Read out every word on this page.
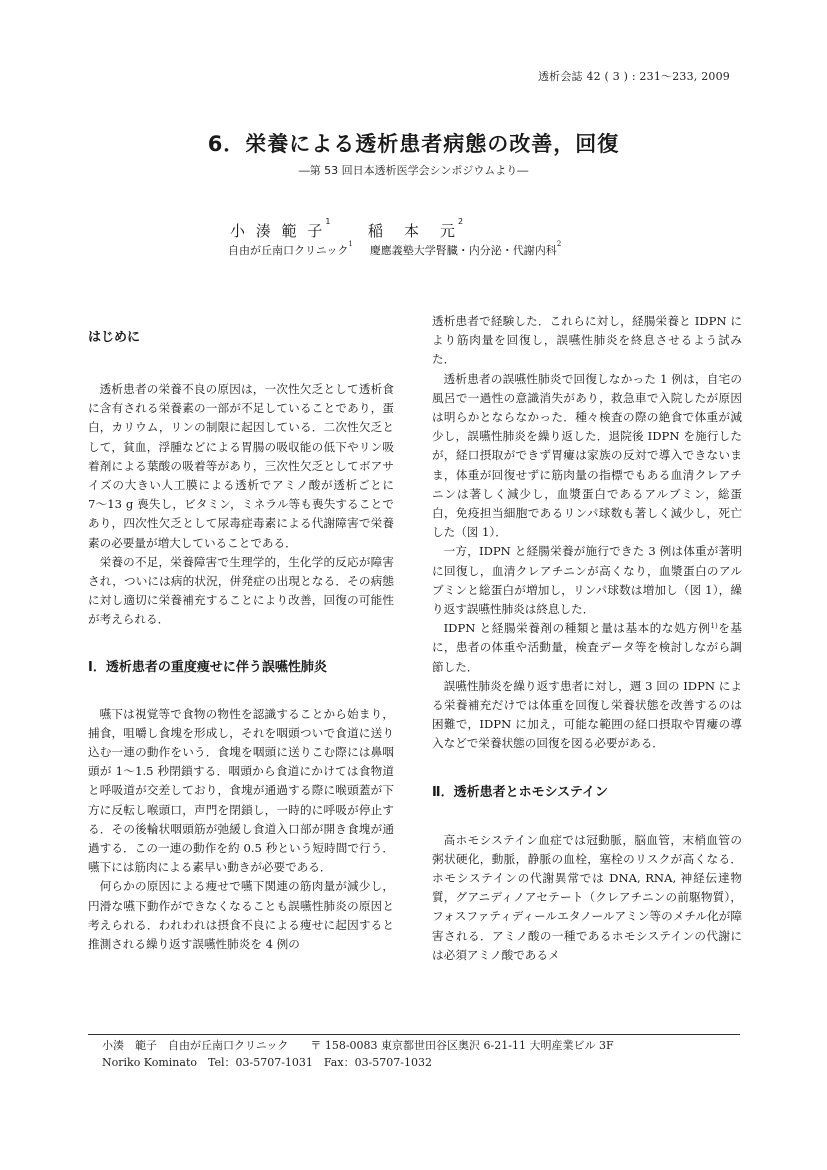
透析会誌 42 ( 3 ) : 231〜233, 2009
6．栄養による透析患者病態の改善，回復
―第 53 回日本透析医学会シンポジウムより―
小 湊 範 子$^1$  稲　本　元$^2$
自由が丘南口クリニック$^1$ 慶應義塾大学腎臓・内分泌・代謝内科$^2$
はじめに

透析患者の栄養不良の原因は，一次性欠乏として透析食に含有される栄養素の一部が不足していることであり，蛋白，カリウム，リンの制限に起因している．二次性欠乏として，貧血，浮腫などによる胃腸の吸収能の低下やリン吸着剤による葉酸の吸着等があり，三次性欠乏としてボアサイズの大きい人工膜による透析でアミノ酸が透析ごとに 7〜13 g 喪失し，ビタミン，ミネラル等も喪失することであり，四次性欠乏として尿毒症毒素による代謝障害で栄養素の必要量が増大していることである．

栄養の不足，栄養障害で生理学的，生化学的反応が障害され，ついには病的状況，併発症の出現となる．その病態に対し適切に栄養補充することにより改善，回復の可能性が考えられる．

Ⅰ．透析患者の重度痩せに伴う誤嚥性肺炎

嚥下は視覚等で食物の物性を認識することから始まり，捕食，咀嚼し食塊を形成し，それを咽頭ついで食道に送り込む一連の動作をいう．食塊を咽頭に送りこむ際には鼻咽頭が 1〜1.5 秒閉鎖する．咽頭から食道にかけては食物道と呼吸道が交差しており，食塊が通過する際に喉頭蓋が下方に反転し喉頭口，声門を閉鎖し，一時的に呼吸が停止する．その後輪状咽頭筋が弛緩し食道入口部が開き食塊が通過する．この一連の動作を約 0.5 秒という短時間で行う．嚥下には筋肉による素早い動きが必要である．

何らかの原因による痩せで嚥下関連の筋肉量が減少し，円滑な嚥下動作ができなくなることも誤嚥性肺炎の原因と考えられる．われわれは摂食不良による痩せに起因すると推測される繰り返す誤嚥性肺炎を 4 例の

透析患者で経験した．これらに対し，経腸栄養と IDPN により筋肉量を回復し，誤嚥性肺炎を終息させるよう試みた．

透析患者の誤嚥性肺炎で回復しなかった 1 例は，自宅の風呂で一過性の意識消失があり，救急車で入院したが原因は明らかとならなかった．種々検査の際の絶食で体重が減少し，誤嚥性肺炎を繰り返した．退院後 IDPN を施行したが，経口摂取ができず胃瘻は家族の反対で導入できないまま，体重が回復せずに筋肉量の指標でもある血清クレアチニンは著しく減少し，血漿蛋白であるアルブミン，総蛋白，免疫担当細胞であるリンパ球数も著しく減少し，死亡した（図 1）．

一方，IDPN と経腸栄養が施行できた 3 例は体重が著明に回復し，血清クレアチニンが高くなり，血漿蛋白のアルブミンと総蛋白が増加し，リンパ球数は増加し（図 1），繰り返す誤嚥性肺炎は終息した．

IDPN と経腸栄養剤の種類と量は基本的な処方例$^{1)}$を基に，患者の体重や活動量，検査データ等を検討しながら調節した．

誤嚥性肺炎を繰り返す患者に対し，週 3 回の IDPN による栄養補充だけでは体重を回復し栄養状態を改善するのは困難で，IDPN に加え，可能な範囲の経口摂取や胃瘻の導入などで栄養状態の回復を図る必要がある．

Ⅱ．透析患者とホモシステイン

高ホモシステイン血症では冠動脈，脳血管，末梢血管の粥状硬化，動脈，静脈の血栓，塞栓のリスクが高くなる．ホモシステインの代謝異常では DNA, RNA, 神経伝達物質，グアニディノアセテート（クレアチニンの前駆物質），フォスファティディールエタノールアミン等のメチル化が障害される．アミノ酸の一種であるホモシステインの代謝には必須アミノ酸であるメ

小湊　範子　自由が丘南口クリニック　　〒 158-0083 東京都世田谷区奥沢 6-21-11 大明産業ビル 3F
Noriko Kominato　Tel：03-5707-1031　Fax：03-5707-1032
